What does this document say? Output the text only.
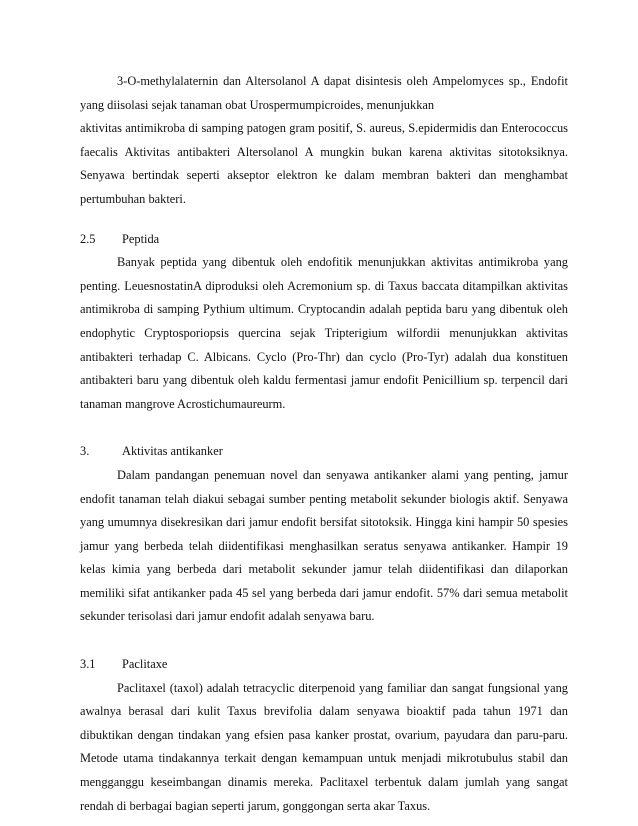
3-O-methylalaternin dan Altersolanol A dapat disintesis oleh Ampelomyces sp., Endofit
yang diisolasi sejak tanaman obat Urospermumpicroides, menunjukkan
aktivitas antimikroba di samping patogen gram positif, S. aureus, S.epidermidis dan Enterococcus
faecalis Aktivitas antibakteri Altersolanol A mungkin bukan karena aktivitas sitotoksiknya.
Senyawa bertindak seperti akseptor elektron ke dalam membran bakteri dan menghambat
pertumbuhan bakteri.

2.5	Peptida

Banyak peptida yang dibentuk oleh endofitik menunjukkan aktivitas antimikroba yang
penting. LeuesnostatinA diproduksi oleh Acremonium sp. di Taxus baccata ditampilkan aktivitas
antimikroba di samping Pythium ultimum. Cryptocandin adalah peptida baru yang dibentuk oleh
endophytic Cryptosporiopsis quercina sejak Tripterigium wilfordii menunjukkan aktivitas
antibakteri terhadap C. Albicans. Cyclo (Pro-Thr) dan cyclo (Pro-Tyr) adalah dua konstituen
antibakteri baru yang dibentuk oleh kaldu fermentasi jamur endofit Penicillium sp. terpencil dari
tanaman mangrove Acrostichumaureurm.

3.	Aktivitas antikanker

Dalam pandangan penemuan novel dan senyawa antikanker alami yang penting, jamur
endofit tanaman telah diakui sebagai sumber penting metabolit sekunder biologis aktif. Senyawa
yang umumnya disekresikan dari jamur endofit bersifat sitotoksik. Hingga kini hampir 50 spesies
jamur yang berbeda telah diidentifikasi menghasilkan seratus senyawa antikanker. Hampir 19
kelas kimia yang berbeda dari metabolit sekunder jamur telah diidentifikasi dan dilaporkan
memiliki sifat antikanker pada 45 sel yang berbeda dari jamur endofit. 57% dari semua metabolit
sekunder terisolasi dari jamur endofit adalah senyawa baru.

3.1	Paclitaxe

Paclitaxel (taxol) adalah tetracyclic diterpenoid yang familiar dan sangat fungsional yang
awalnya berasal dari kulit Taxus brevifolia dalam senyawa bioaktif pada tahun 1971 dan
dibuktikan dengan tindakan yang efsien pasa kanker prostat, ovarium, payudara dan paru-paru.
Metode utama tindakannya terkait dengan kemampuan untuk menjadi mikrotubulus stabil dan
mengganggu keseimbangan dinamis mereka. Paclitaxel terbentuk dalam jumlah yang sangat
rendah di berbagai bagian seperti jarum, gonggongan serta akar Taxus.
